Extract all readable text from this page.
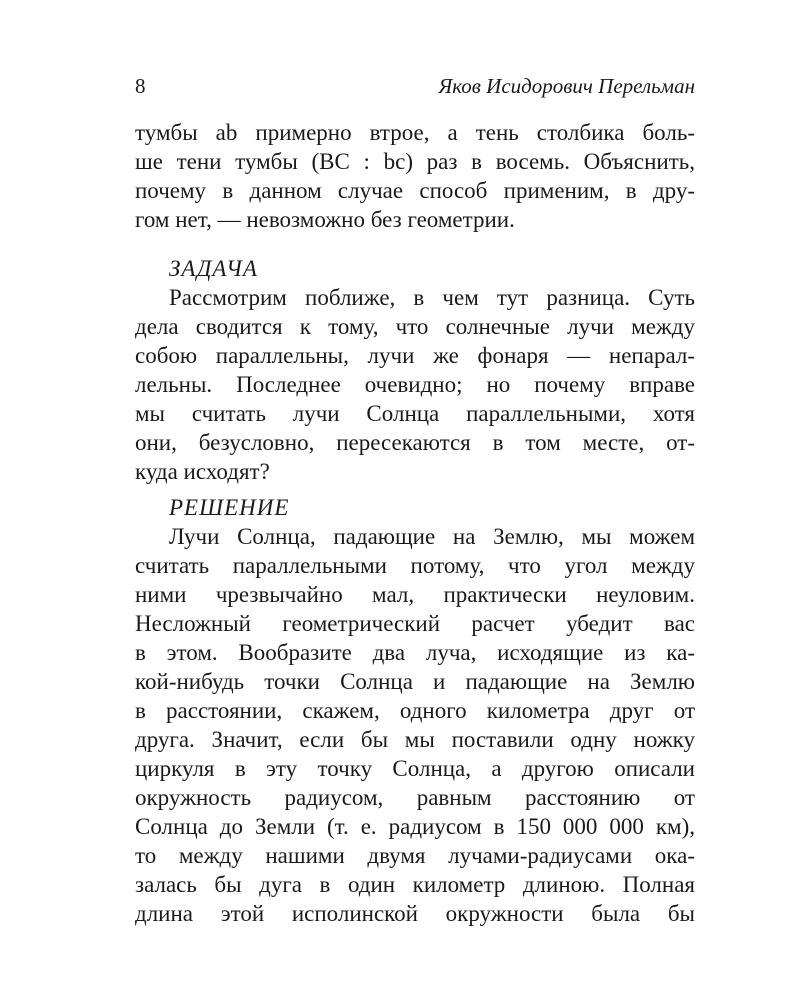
8	Яков Исидорович Перельман
тумбы ab примерно втрое, а тень столбика боль-
ше тени тумбы (BC : bc) раз в восемь. Объяснить,
почему в данном случае способ применим, в дру-
гом нет, — невозможно без геометрии.
ЗАДАЧА
Рассмотрим поближе, в чем тут разница. Суть
дела сводится к тому, что солнечные лучи между
собою параллельны, лучи же фонаря — непарал-
лельны. Последнее очевидно; но почему вправе
мы считать лучи Солнца параллельными, хотя
они, безусловно, пересекаются в том месте, от-
куда исходят?
РЕШЕНИЕ
Лучи Солнца, падающие на Землю, мы можем
считать параллельными потому, что угол между
ними чрезвычайно мал, практически неуловим.
Несложный геометрический расчет убедит вас
в этом. Вообразите два луча, исходящие из ка-
кой-нибудь точки Солнца и падающие на Землю
в расстоянии, скажем, одного километра друг от
друга. Значит, если бы мы поставили одну ножку
циркуля в эту точку Солнца, а другою описали
окружность радиусом, равным расстоянию от
Солнца до Земли (т. е. радиусом в 150 000 000 км),
то между нашими двумя лучами-радиусами ока-
залась бы дуга в один километр длиною. Полная
длина этой исполинской окружности была бы
